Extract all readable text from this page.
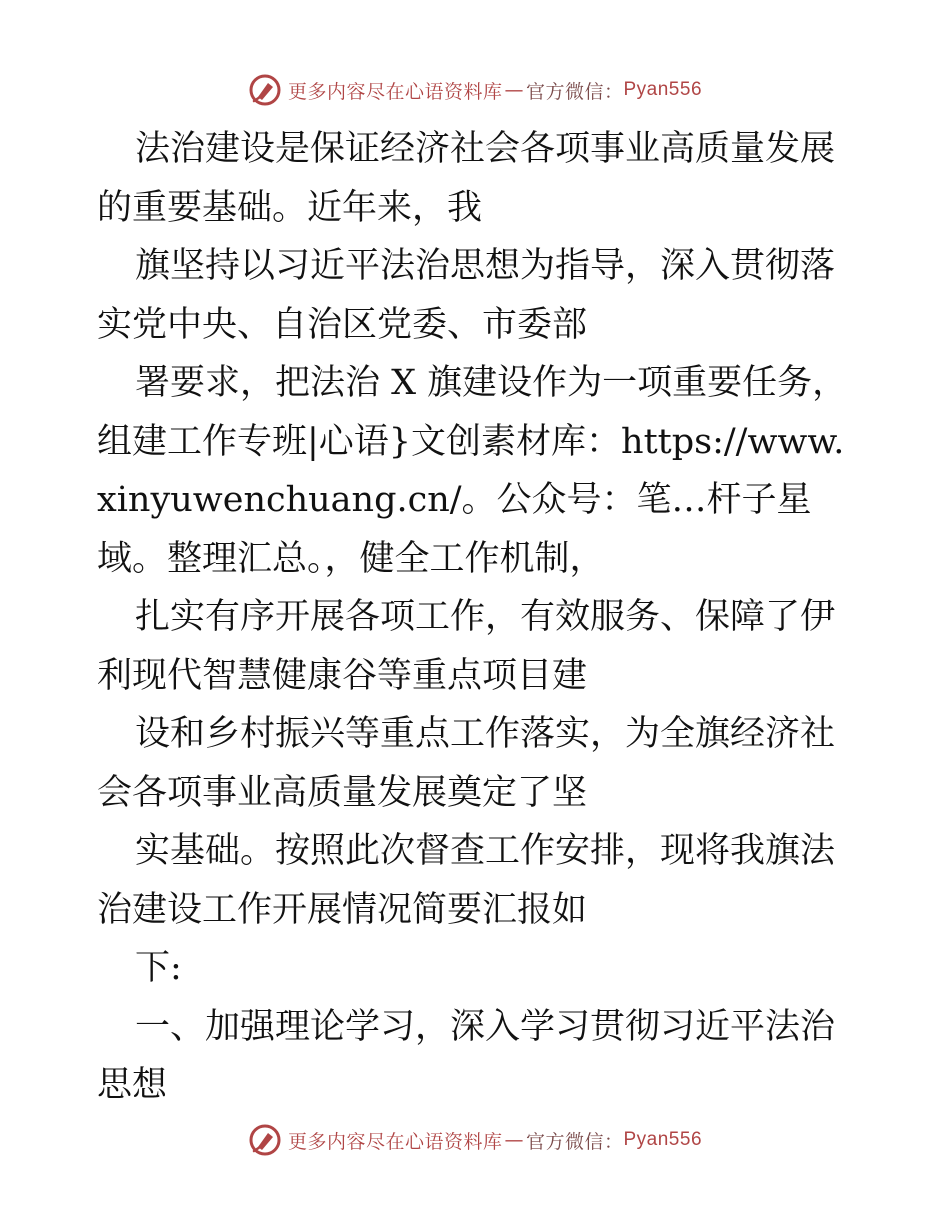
更多内容尽在心语资料库 — 官方微信： Pyan556

法治建设是保证经济社会各项事业高质量发展的重要基础。近年来，我

旗坚持以习近平法治思想为指导，深入贯彻落实党中央、自治区党委、市委部

署要求，把法治 X 旗建设作为一项重要任务，组建工作专班|心语}文创素材库：https://www.xinyuwenchuang.cn/。公众号：笔…杆子星域。整理汇总。，健全工作机制，

扎实有序开展各项工作，有效服务、保障了伊利现代智慧健康谷等重点项目建

设和乡村振兴等重点工作落实，为全旗经济社会各项事业高质量发展奠定了坚

实基础。按照此次督查工作安排，现将我旗法治建设工作开展情况简要汇报如

下:

一、加强理论学习，深入学习贯彻习近平法治思想

更多内容尽在心语资料库 — 官方微信： Pyan556
